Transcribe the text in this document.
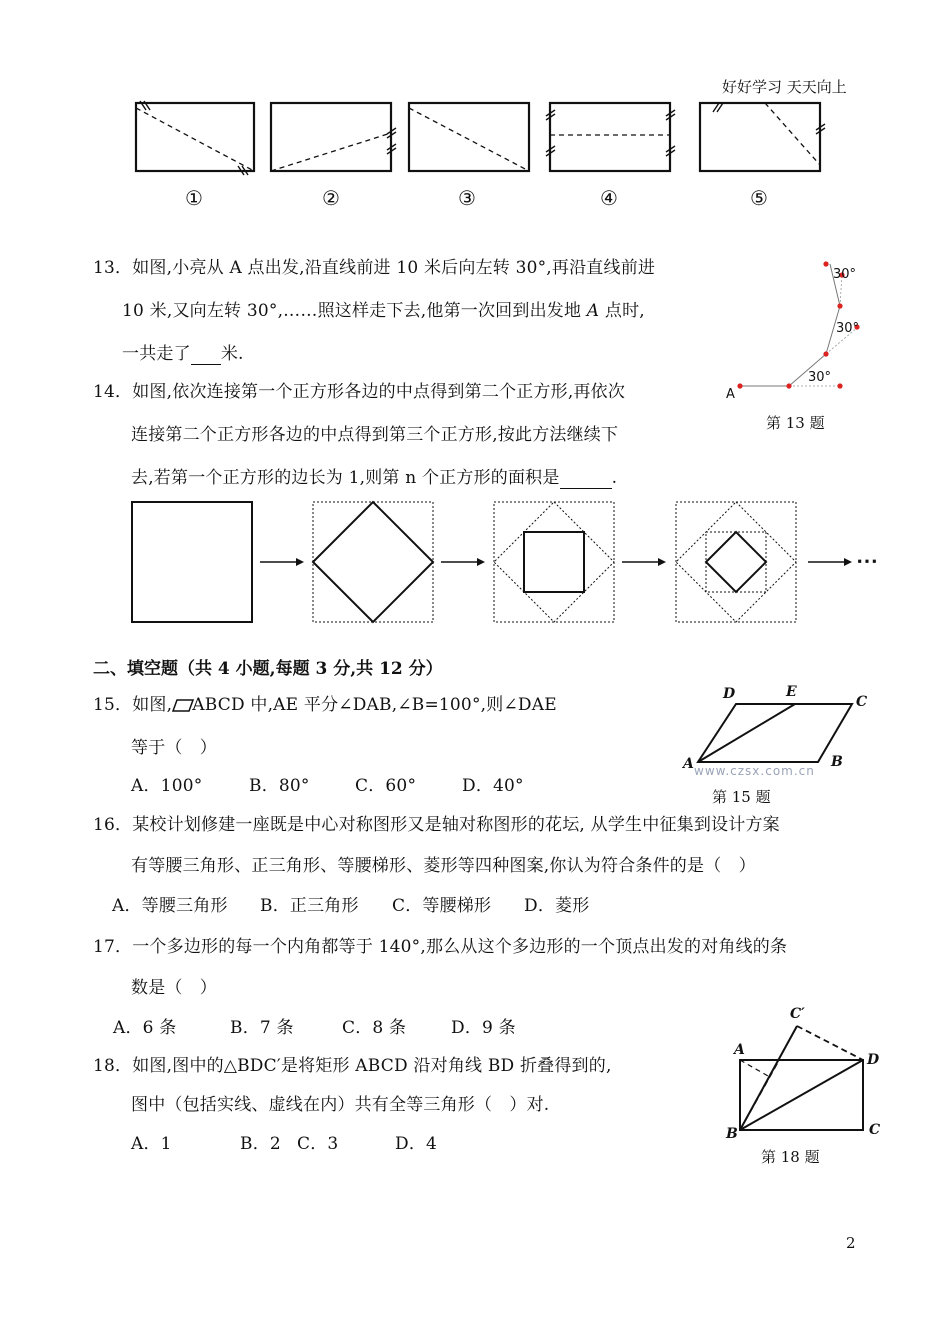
好好学习 天天向上
①	②	③	④	⑤
13．如图,小亮从 A 点出发,沿直线前进 10 米后向左转 30°,再沿直线前进
10 米,又向左转 30°,……照这样走下去,他第一次回到出发地 A 点时,
一共走了 米.
30°
30°
30°
A
第 13 题
14．如图,依次连接第一个正方形各边的中点得到第二个正方形,再依次
连接第二个正方形各边的中点得到第三个正方形,按此方法继续下
去,若第一个正方形的边长为 1,则第 n 个正方形的面积是	.
⋯
二、填空题（共 4 小题,每题 3 分,共 12 分）
15．如图, ABCD 中,AE 平分∠DAB,∠B=100°,则∠DAE
等于（　）
A．100°	B．80°	C．60°	D．40°
D	E
C
A	B
www.czsx.com.cn
第 15 题
16．某校计划修建一座既是中心对称图形又是轴对称图形的花坛, 从学生中征集到设计方案
有等腰三角形、正三角形、等腰梯形、菱形等四种图案,你认为符合条件的是（　）
A．等腰三角形 B．正三角形 C．等腰梯形 D．菱形
17．一个多边形的每一个内角都等于 140°,那么从这个多边形的一个顶点出发的对角线的条
数是（　）
A．6 条	B．7 条	C．8 条	D．9 条
18．如图,图中的△BDC′是将矩形 ABCD 沿对角线 BD 折叠得到的,
图中（包括实线、虚线在内）共有全等三角形（　）对.
A．1	B．2 C．3	D．4
C′
A
D
B	C
第 18 题
2
